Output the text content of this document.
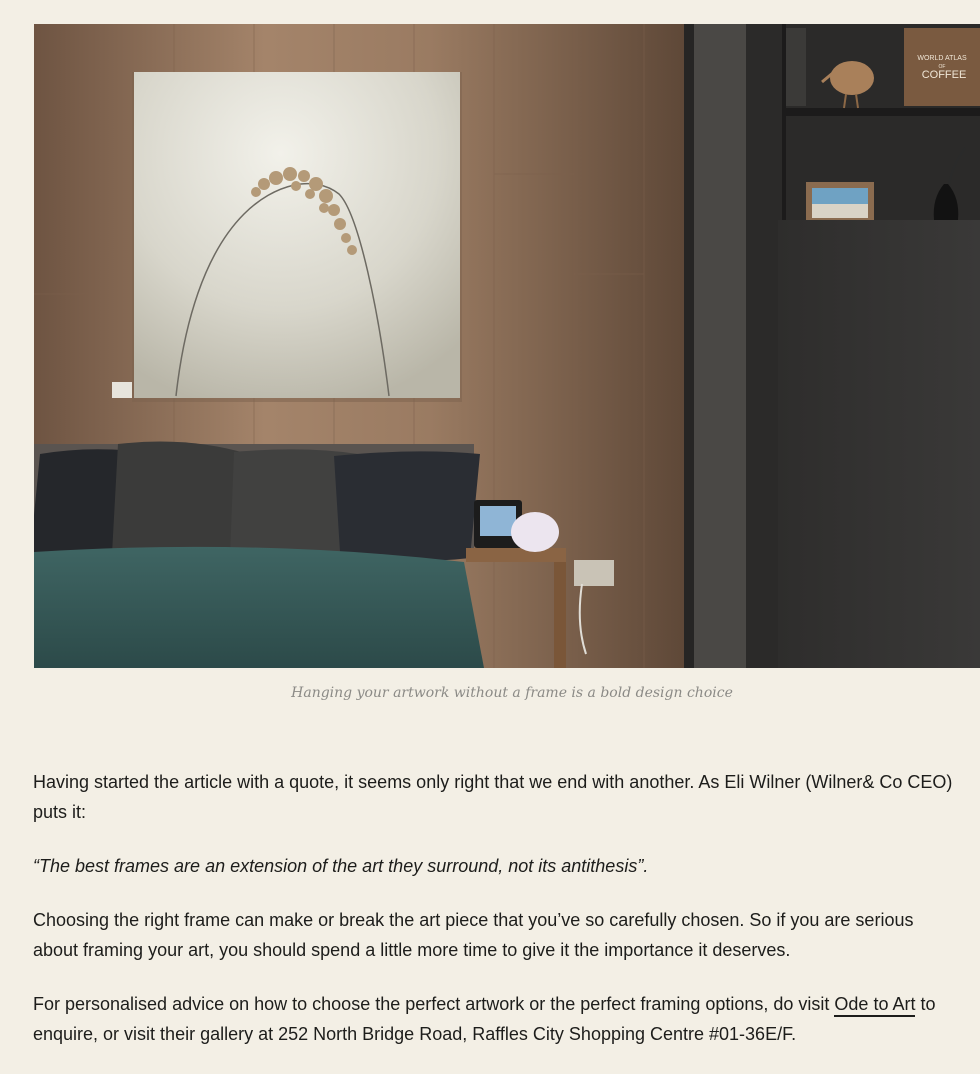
WORLD ATLAS
OF
COFFEE
Hanging your artwork without a frame is a bold design choice

Having started the article with a quote, it seems only right that we end with another. As Eli Wilner (Wilner& Co CEO) puts it:

“The best frames are an extension of the art they surround, not its antithesis”.

Choosing the right frame can make or break the art piece that you’ve so carefully chosen. So if you are serious about framing your art, you should spend a little more time to give it the importance it deserves.

For personalised advice on how to choose the perfect artwork or the perfect framing options, do visit Ode to Art to enquire, or visit their gallery at 252 North Bridge Road, Raffles City Shopping Centre #01-36E/F.
